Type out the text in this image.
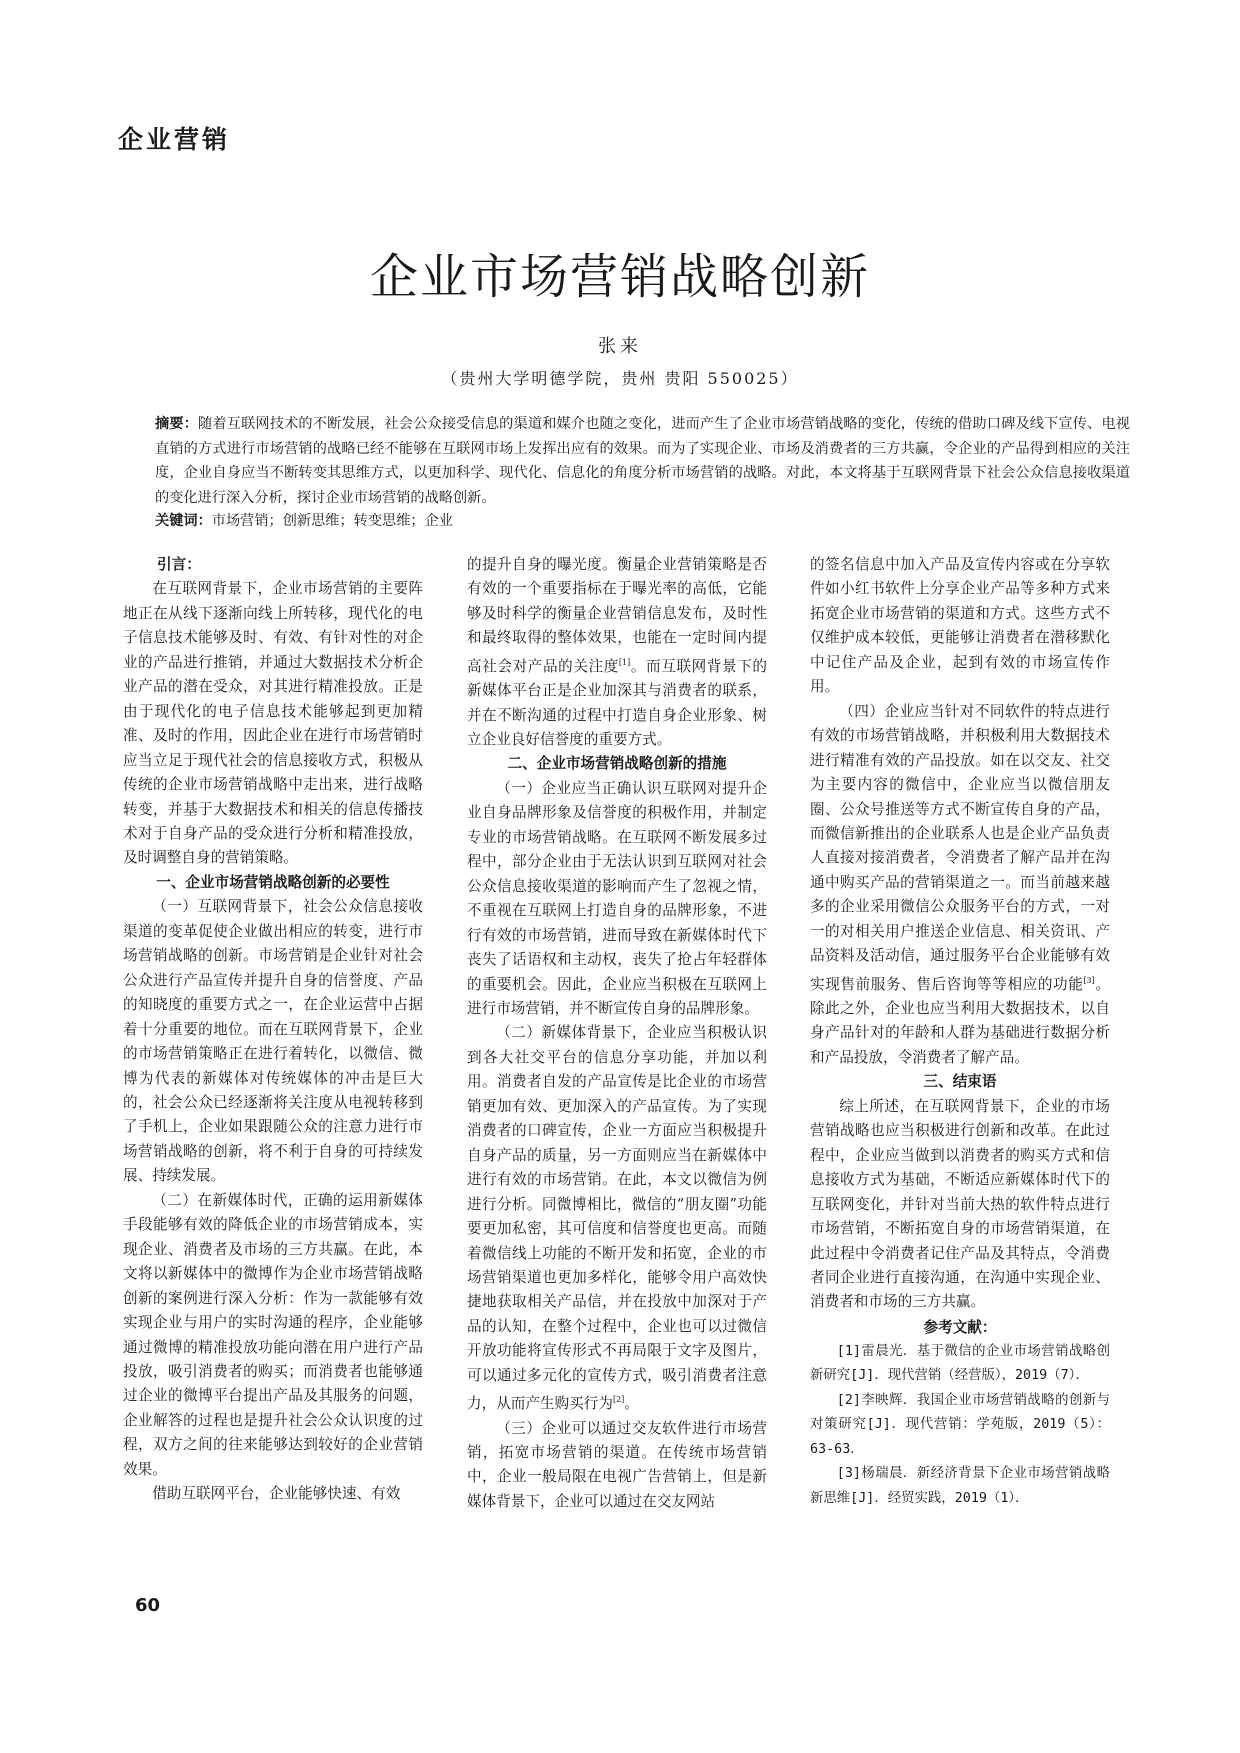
企业营销
企业市场营销战略创新
张来
（贵州大学明德学院，贵州 贵阳 550025）
摘要：随着互联网技术的不断发展，社会公众接受信息的渠道和媒介也随之变化，进而产生了企业市场营销战略的变化，传统的借助口碑及线下宣传、电视直销的方式进行市场营销的战略已经不能够在互联网市场上发挥出应有的效果。而为了实现企业、市场及消费者的三方共赢，令企业的产品得到相应的关注度，企业自身应当不断转变其思维方式，以更加科学、现代化、信息化的角度分析市场营销的战略。对此，本文将基于互联网背景下社会公众信息接收渠道的变化进行深入分析，探讨企业市场营销的战略创新。
关键词：市场营销；创新思维；转变思维；企业
引言：

在互联网背景下，企业市场营销的主要阵地正在从线下逐渐向线上所转移，现代化的电子信息技术能够及时、有效、有针对性的对企业的产品进行推销，并通过大数据技术分析企业产品的潜在受众，对其进行精准投放。正是由于现代化的电子信息技术能够起到更加精准、及时的作用，因此企业在进行市场营销时应当立足于现代社会的信息接收方式，积极从传统的企业市场营销战略中走出来，进行战略转变，并基于大数据技术和相关的信息传播技术对于自身产品的受众进行分析和精准投放，及时调整自身的营销策略。

一、企业市场营销战略创新的必要性

（一）互联网背景下，社会公众信息接收渠道的变革促使企业做出相应的转变，进行市场营销战略的创新。市场营销是企业针对社会公众进行产品宣传并提升自身的信誉度、产品的知晓度的重要方式之一，在企业运营中占据着十分重要的地位。而在互联网背景下，企业的市场营销策略正在进行着转化，以微信、微博为代表的新媒体对传统媒体的冲击是巨大的，社会公众已经逐渐将关注度从电视转移到了手机上，企业如果跟随公众的注意力进行市场营销战略的创新，将不利于自身的可持续发展、持续发展。

（二）在新媒体时代，正确的运用新媒体手段能够有效的降低企业的市场营销成本，实现企业、消费者及市场的三方共赢。在此，本文将以新媒体中的微博作为企业市场营销战略创新的案例进行深入分析：作为一款能够有效实现企业与用户的实时沟通的程序，企业能够通过微博的精准投放功能向潜在用户进行产品投放，吸引消费者的购买；而消费者也能够通过企业的微博平台提出产品及其服务的问题，企业解答的过程也是提升社会公众认识度的过程，双方之间的往来能够达到较好的企业营销效果。

借助互联网平台，企业能够快速、有效

的提升自身的曝光度。衡量企业营销策略是否有效的一个重要指标在于曝光率的高低，它能够及时科学的衡量企业营销信息发布，及时性和最终取得的整体效果，也能在一定时间内提高社会对产品的关注度[1]。而互联网背景下的新媒体平台正是企业加深其与消费者的联系，并在不断沟通的过程中打造自身企业形象、树立企业良好信誉度的重要方式。

二、企业市场营销战略创新的措施

（一）企业应当正确认识互联网对提升企业自身品牌形象及信誉度的积极作用，并制定专业的市场营销战略。在互联网不断发展多过程中，部分企业由于无法认识到互联网对社会公众信息接收渠道的影响而产生了忽视之情，不重视在互联网上打造自身的品牌形象，不进行有效的市场营销，进而导致在新媒体时代下丧失了话语权和主动权，丧失了抢占年轻群体的重要机会。因此，企业应当积极在互联网上进行市场营销，并不断宣传自身的品牌形象。

（二）新媒体背景下，企业应当积极认识到各大社交平台的信息分享功能，并加以利用。消费者自发的产品宣传是比企业的市场营销更加有效、更加深入的产品宣传。为了实现消费者的口碑宣传，企业一方面应当积极提升自身产品的质量，另一方面则应当在新媒体中进行有效的市场营销。在此，本文以微信为例进行分析。同微博相比，微信的“朋友圈”功能要更加私密，其可信度和信誉度也更高。而随着微信线上功能的不断开发和拓宽，企业的市场营销渠道也更加多样化，能够令用户高效快捷地获取相关产品信，并在投放中加深对于产品的认知，在整个过程中，企业也可以过微信开放功能将宣传形式不再局限于文字及图片，可以通过多元化的宣传方式，吸引消费者注意力，从而产生购买行为[2]。

（三）企业可以通过交友软件进行市场营销，拓宽市场营销的渠道。在传统市场营销中，企业一般局限在电视广告营销上，但是新媒体背景下，企业可以通过在交友网站

的签名信息中加入产品及宣传内容或在分享软件如小红书软件上分享企业产品等多种方式来拓宽企业市场营销的渠道和方式。这些方式不仅维护成本较低，更能够让消费者在潜移默化中记住产品及企业，起到有效的市场宣传作用。

（四）企业应当针对不同软件的特点进行有效的市场营销战略，并积极利用大数据技术进行精准有效的产品投放。如在以交友、社交为主要内容的微信中，企业应当以微信朋友圈、公众号推送等方式不断宣传自身的产品，而微信新推出的企业联系人也是企业产品负责人直接对接消费者，令消费者了解产品并在沟通中购买产品的营销渠道之一。而当前越来越多的企业采用微信公众服务平台的方式，一对一的对相关用户推送企业信息、相关资讯、产品资料及活动信，通过服务平台企业能够有效实现售前服务、售后咨询等等相应的功能[3]。除此之外，企业也应当利用大数据技术，以自身产品针对的年龄和人群为基础进行数据分析和产品投放，令消费者了解产品。

三、结束语

综上所述，在互联网背景下，企业的市场营销战略也应当积极进行创新和改革。在此过程中，企业应当做到以消费者的购买方式和信息接收方式为基础，不断适应新媒体时代下的互联网变化，并针对当前大热的软件特点进行市场营销，不断拓宽自身的市场营销渠道，在此过程中令消费者记住产品及其特点，令消费者同企业进行直接沟通，在沟通中实现企业、消费者和市场的三方共赢。

参考文献：

[1]雷晨光．基于微信的企业市场营销战略创新研究[J]．现代营销（经营版），2019（7）．

[2]李映辉．我国企业市场营销战略的创新与对策研究[J]．现代营销：学苑版，2019（5）：63-63．

[3]杨瑞晨．新经济背景下企业市场营销战略新思维[J]．经贸实践，2019（1）．

60
